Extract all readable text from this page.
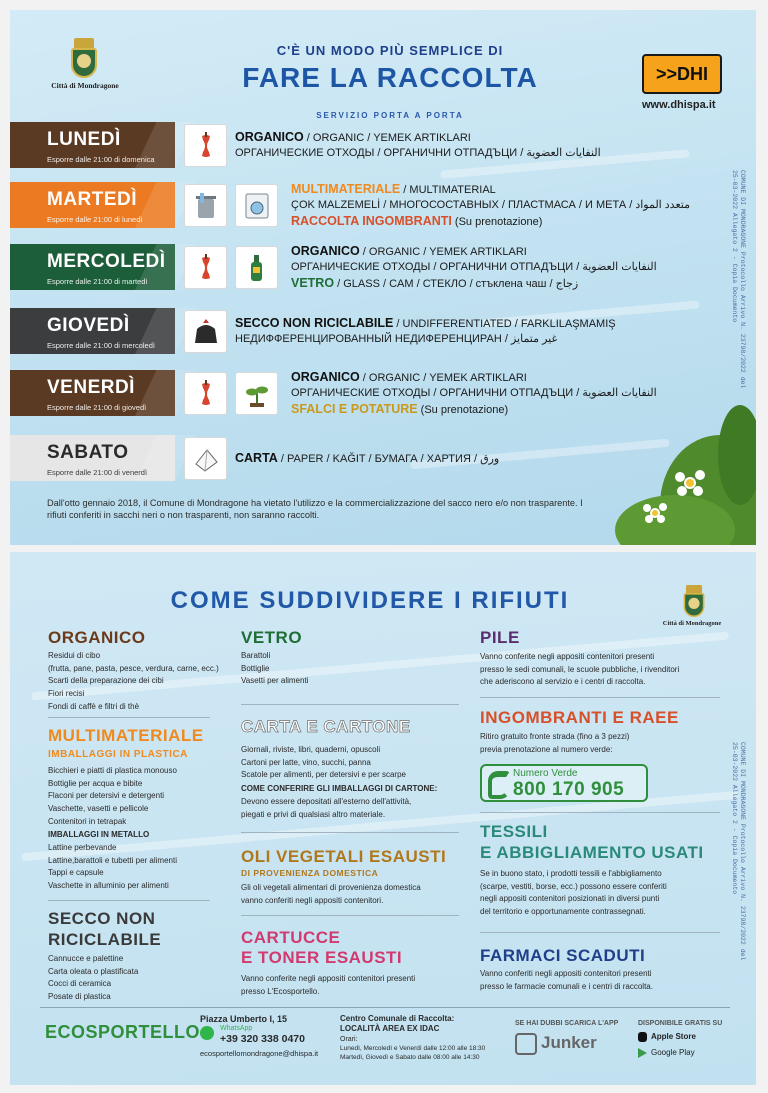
Città di Mondragone
C'È UN MODO PIÙ SEMPLICE DI
FARE LA RACCOLTA
SERVIZIO PORTA A PORTA
>>DHI
www.dhispa.it
COMUNE DI MONDRAGONE Protocollo Arrivo N. 23798/2022 del 25-03-2022 Allegato 2 - Copia Documento
LUNEDÌ
Esporre dalle 21:00 di domenica
ORGANICO / ORGANIC / YEMEK ARTIKLARI
ОРГАНИЧЕСКИЕ ОТХОДЫ / ОРГАНИЧНИ ОТПАДЪЦИ / النفايات العضوية
MARTEDÌ
Esporre dalle 21:00 di lunedì
MULTIMATERIALE / MULTIMATERIAL
ÇOK MALZEMELİ / МНОГОСОСТАВНЫХ / ПЛАСТМАСА / И МЕТА / متعدد المواد
RACCOLTA INGOMBRANTI (Su prenotazione)
MERCOLEDÌ
Esporre dalle 21:00 di martedì
ORGANICO / ORGANIC / YEMEK ARTIKLARI
ОРГАНИЧЕСКИЕ ОТХОДЫ / ОРГАНИЧНИ ОТПАДЪЦИ / النفايات العضوية
VETRO / GLASS / CAM / СТЕКЛО / стъклена чаш / زجاج
GIOVEDÌ
Esporre dalle 21:00 di mercoledì
SECCO NON RICICLABILE / UNDIFFERENTIATED / FARKLILAŞMAMIŞ
НЕДИФФЕРЕНЦИРОВАННЫЙ НЕДИФЕРЕНЦИРАН / غير متمايز
VENERDÌ
Esporre dalle 21:00 di giovedì
ORGANICO / ORGANIC / YEMEK ARTIKLARI
ОРГАНИЧЕСКИЕ ОТХОДЫ / ОРГАНИЧНИ ОТПАДЪЦИ / النفايات العضوية
SFALCI E POTATURE (Su prenotazione)
SABATO
Esporre dalle 21:00 di venerdì
CARTA / PAPER / KAĞIT / БУМАГА / ХАРТИЯ / ورق
Dall'otto gennaio 2018, il Comune di Mondragone ha vietato l'utilizzo e la commercializzazione del sacco nero e/o non trasparente. I rifiuti conferiti in sacchi neri o non trasparenti, non saranno raccolti.
COME SUDDIVIDERE I RIFIUTI
Città di Mondragone
COMUNE DI MONDRAGONE Protocollo Arrivo N. 23798/2022 del 25-03-2022 Allegato 2 - Copia Documento
ORGANICO
Residui di cibo
(frutta, pane, pasta, pesce, verdura, carne, ecc.)
Scarti della preparazione dei cibi
Fiori recisi
Fondi di caffè e filtri di thè
MULTIMATERIALE
IMBALLAGGI IN PLASTICA
Bicchieri e piatti di plastica monouso
Bottiglie per acqua e bibite
Flaconi per detersivi e detergenti
Vaschette, vasetti e pellicole
Contenitori in tetrapak
IMBALLAGGI IN METALLO
Lattine perbevande
Lattine,barattoli e tubetti per alimenti
Tappi e capsule
Vaschette in alluminio per alimenti
SECCO NON
RICICLABILE
Cannucce e palettine
Carta oleata o plastificata
Cocci di ceramica
Posate di plastica
VETRO
Barattoli
Bottiglie
Vasetti per alimenti
CARTA E CARTONE
Giornali, riviste, libri, quaderni, opuscoli
Cartoni per latte, vino, succhi, panna
Scatole per alimenti, per detersivi e per scarpe
COME CONFERIRE GLI IMBALLAGGI DI CARTONE:
Devono essere depositati all'esterno dell'attività,
piegati e privi di qualsiasi altro materiale.
OLI VEGETALI ESAUSTI
DI PROVENIENZA DOMESTICA
Gli oli vegetali alimentari di provenienza domestica
vanno conferiti negli appositi contenitori.
CARTUCCE
E TONER ESAUSTI
Vanno conferite negli appositi contenitori presenti
presso L'Ecosportello.
PILE
Vanno conferite negli appositi contenitori presenti
presso le sedi comunali, le scuole pubbliche, i rivenditori
che aderiscono al servizio e i centri di raccolta.
INGOMBRANTI E RAEE
Ritiro gratuito fronte strada (fino a 3 pezzi)
previa prenotazione al numero verde:
Numero Verde
800 170 905
TESSILI
E ABBIGLIAMENTO USATI
Se in buono stato, i prodotti tessili e l'abbigliamento
(scarpe, vestiti, borse, ecc.) possono essere conferiti
negli appositi contenitori posizionati in diversi punti
del territorio e opportunamente contrassegnati.
FARMACI SCADUTI
Vanno conferiti negli appositi contenitori presenti
presso le farmacie comunali e i centri di raccolta.
ECOSPORTELLO
Piazza Umberto I, 15
WhatsApp
+39 320 338 0470
ecosportellomondragone@dhispa.it
Centro Comunale di Raccolta:
LOCALITÀ AREA EX IDAC
Orari:
Lunedì, Mercoledì e Venerdì dalle 12:00 alle 18:30
Martedì, Giovedì e Sabato dalle 08:00 alle 14:30
SE HAI DUBBI SCARICA L'APP
Junker
DISPONIBILE GRATIS SU
Apple Store
Google Play
